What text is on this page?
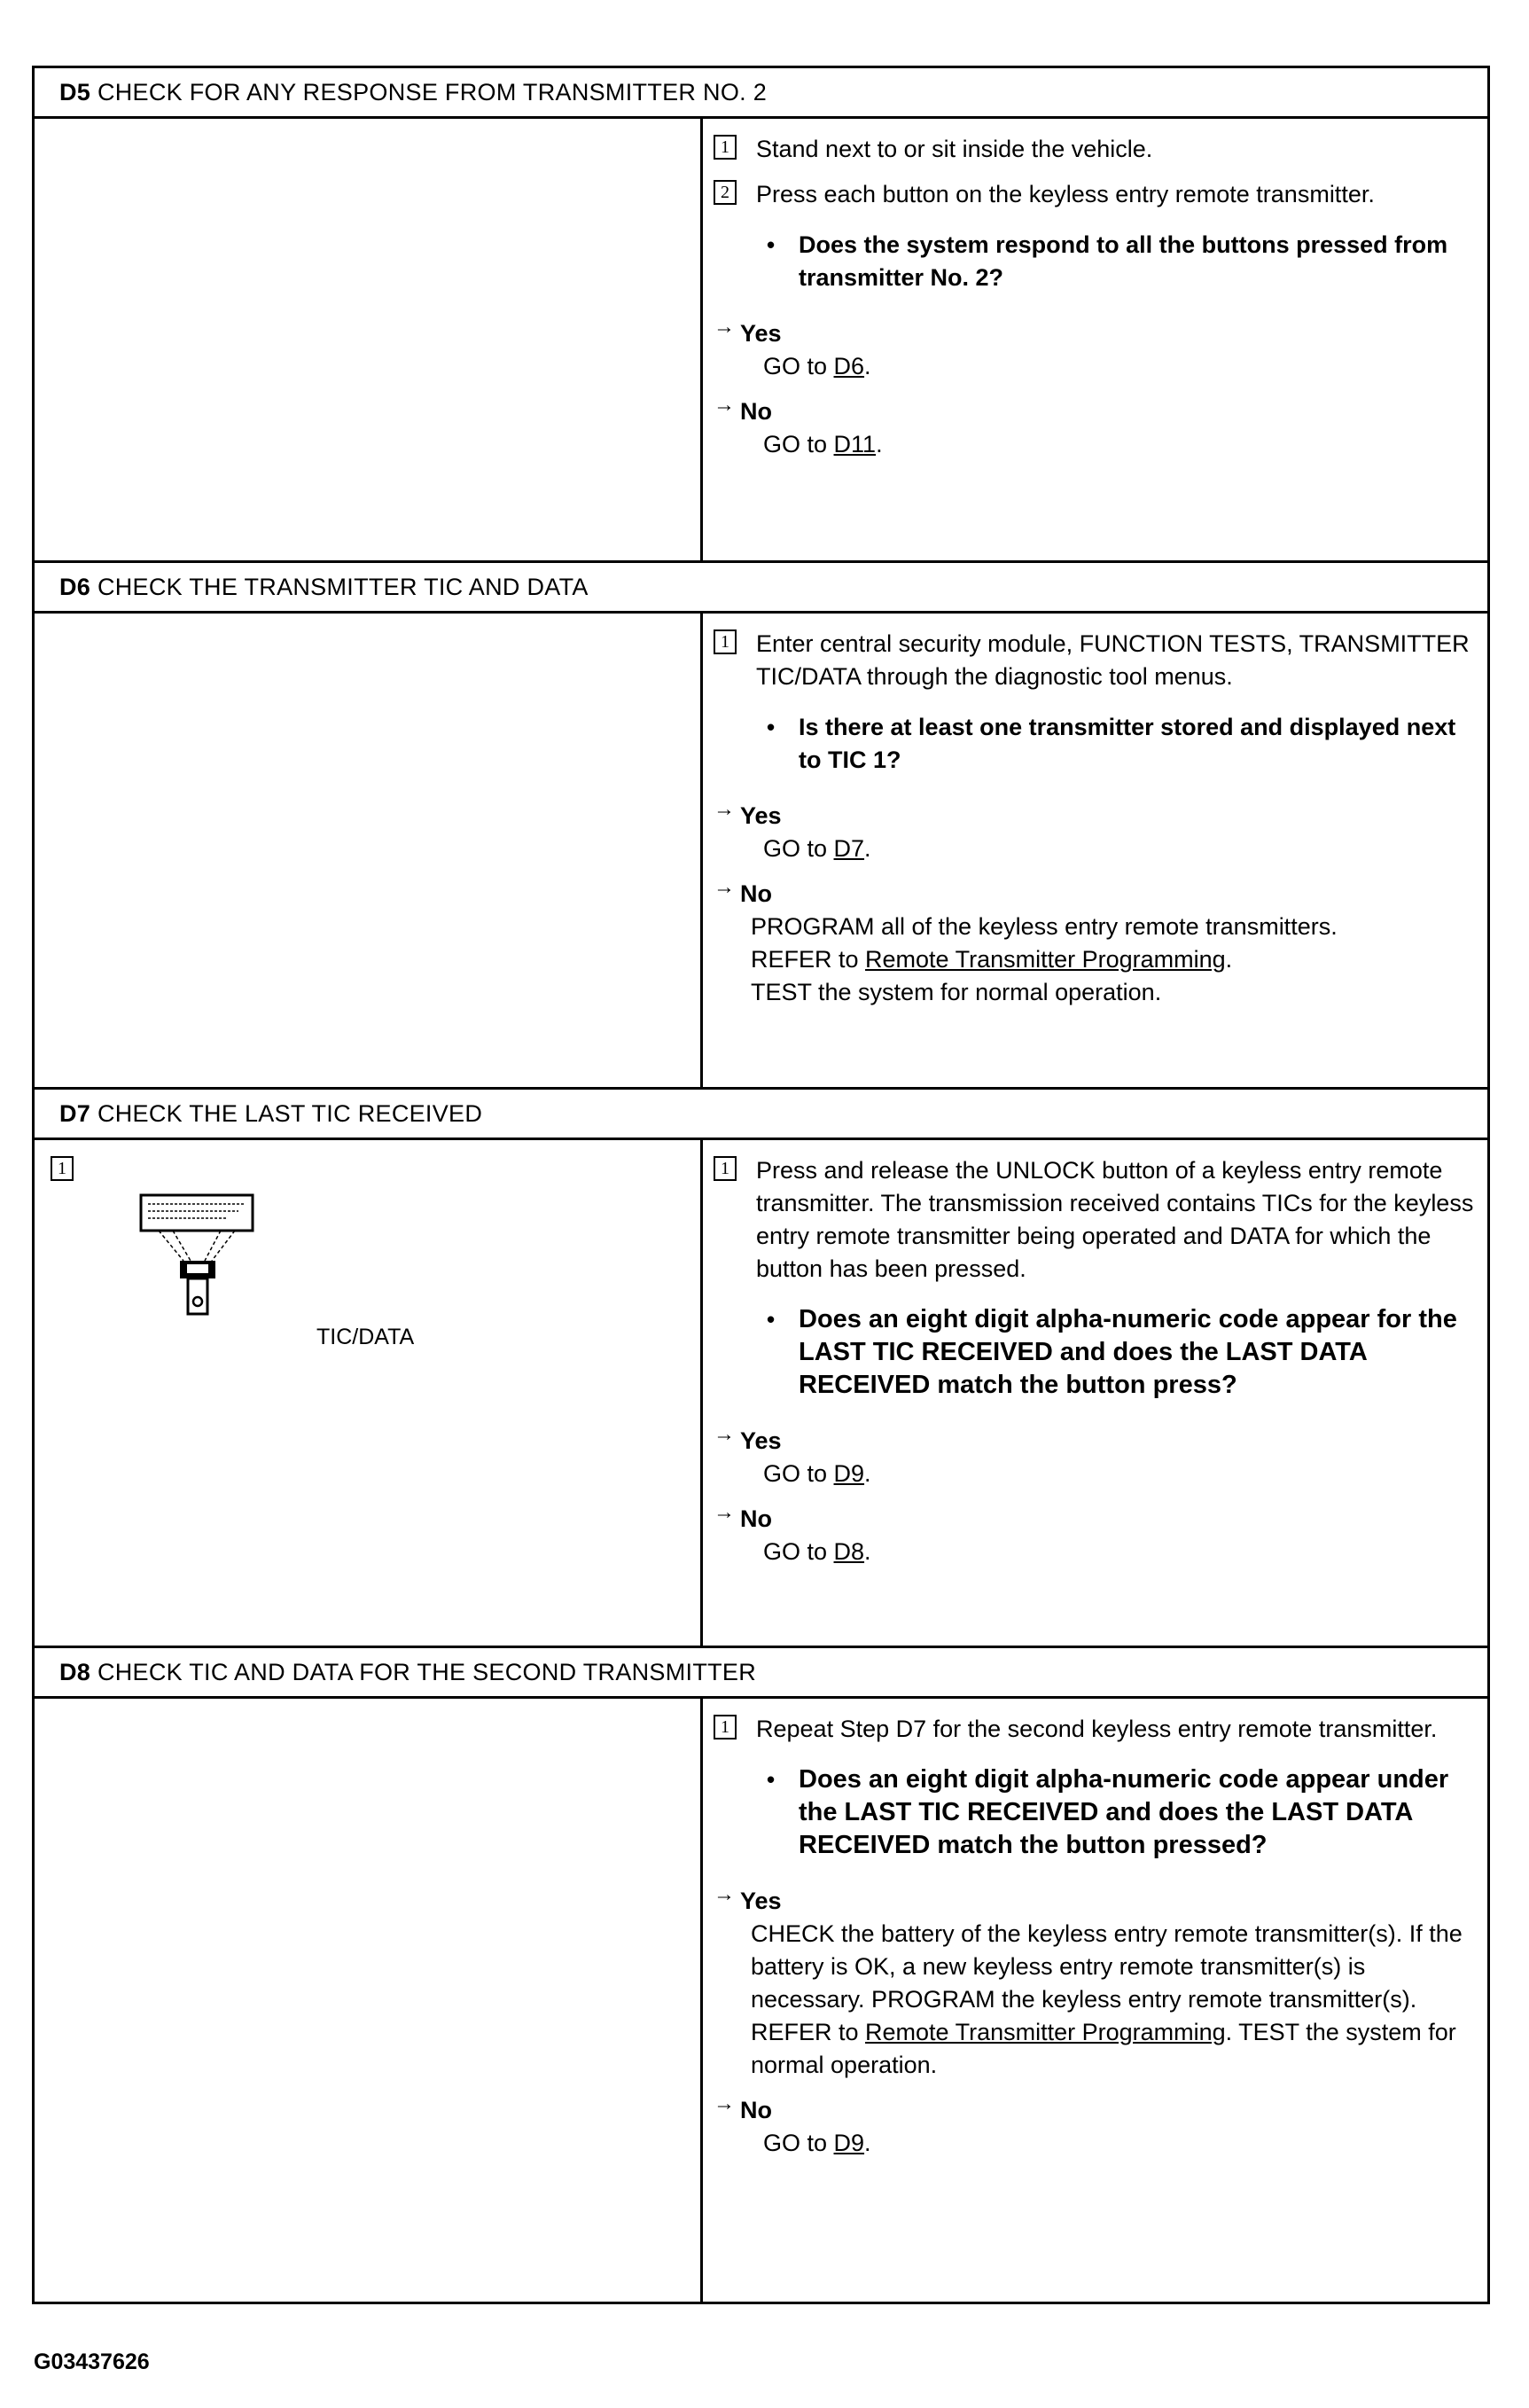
D5 CHECK FOR ANY RESPONSE FROM TRANSMITTER NO. 2
1 Stand next to or sit inside the vehicle.
2 Press each button on the keyless entry remote transmitter.
• Does the system respond to all the buttons pressed from transmitter No. 2?
→ Yes
GO to D6.
→ No
GO to D11.
D6 CHECK THE TRANSMITTER TIC AND DATA
1 Enter central security module, FUNCTION TESTS, TRANSMITTER TIC/DATA through the diagnostic tool menus.
• Is there at least one transmitter stored and displayed next to TIC 1?
→ Yes
GO to D7.
→ No
PROGRAM all of the keyless entry remote transmitters.
REFER to Remote Transmitter Programming.
TEST the system for normal operation.
D7 CHECK THE LAST TIC RECEIVED
1
TIC/DATA
1 Press and release the UNLOCK button of a keyless entry remote transmitter. The transmission received contains TICs for the keyless entry remote transmitter being operated and DATA for which the button has been pressed.
• Does an eight digit alpha-numeric code appear for the LAST TIC RECEIVED and does the LAST DATA RECEIVED match the button press?
→ Yes
GO to D9.
→ No
GO to D8.
D8 CHECK TIC AND DATA FOR THE SECOND TRANSMITTER
1 Repeat Step D7 for the second keyless entry remote transmitter.
• Does an eight digit alpha-numeric code appear under the LAST TIC RECEIVED and does the LAST DATA RECEIVED match the button pressed?
→ Yes
CHECK the battery of the keyless entry remote transmitter(s). If the battery is OK, a new keyless entry remote transmitter(s) is necessary. PROGRAM the keyless entry remote transmitter(s). REFER to Remote Transmitter Programming. TEST the system for normal operation.
→ No
GO to D9.
G03437626
